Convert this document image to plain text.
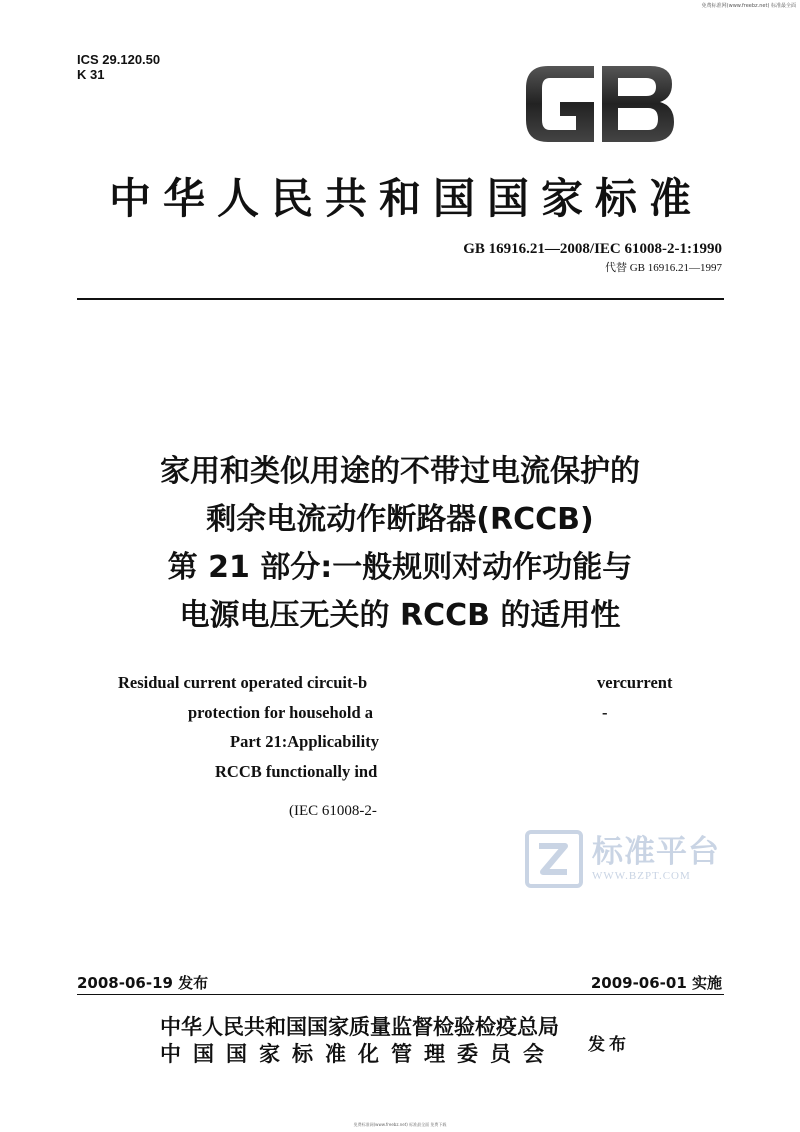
免费标准网(www.freebz.net) 标准最全面
ICS 29.120.50
K 31
中华人民共和国国家标准
GB 16916.21—2008/IEC 61008-2-1:1990
代替 GB 16916.21—1997
家用和类似用途的不带过电流保护的
剩余电流动作断路器(RCCB)
第 21 部分:一般规则对动作功能与
电源电压无关的 RCCB 的适用性
Residual current operated circuit-b	vercurrent
protection for household a	-
Part 21:Applicability
RCCB functionally ind
(IEC 61008-2-
标准平台
WWW.BZPT.COM
2008-06-19 发布	2009-06-01 实施
中华人民共和国国家质量监督检验检疫总局
中国国家标准化管理委员会 发布
免费标准网(www.freebz.net) 标准最全面 免费下载
